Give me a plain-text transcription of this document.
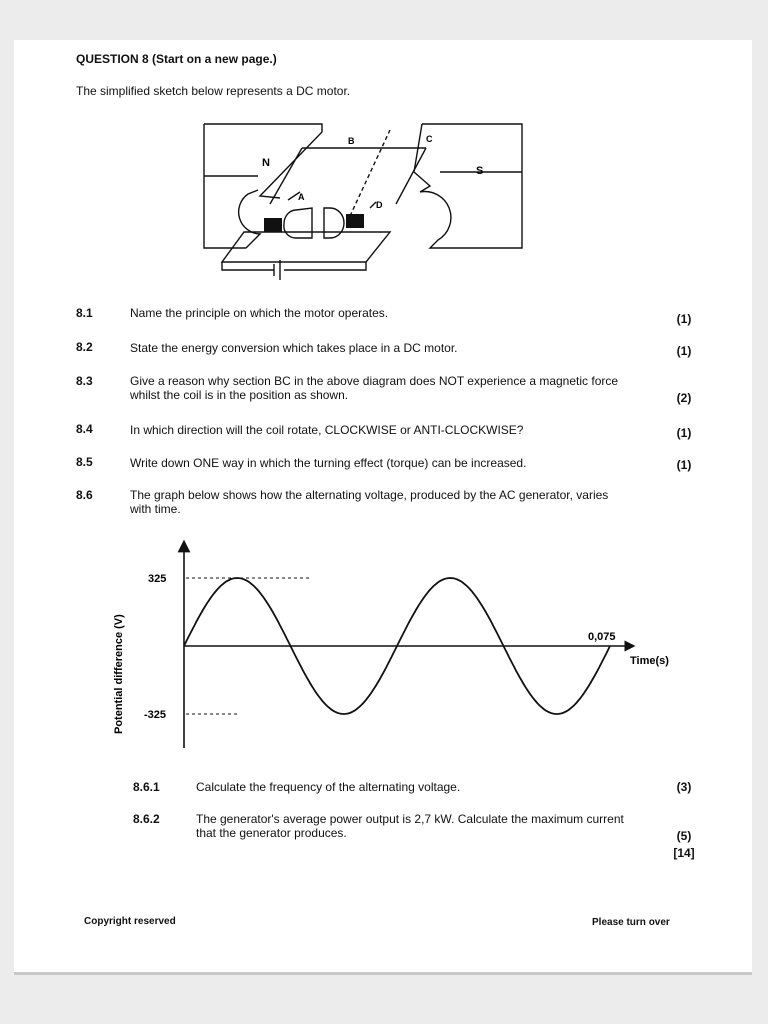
QUESTION 8 (Start on a new page.)
The simplified sketch below represents a DC motor.
N
S
A
B	C
D
8.1	Name the principle on which the motor operates.	(1)
8.2	State the energy conversion which takes place in a DC motor.	(1)
8.3	Give a reason why section BC in the above diagram does NOT experience a magnetic force whilst the coil is in the position as shown.	(2)
8.4	In which direction will the coil rotate, CLOCKWISE or ANTI-CLOCKWISE?	(1)
8.5	Write down ONE way in which the turning effect (torque) can be increased.	(1)
8.6	The graph below shows how the alternating voltage, produced by the AC generator, varies with time.
325
-325
0,075
Time(s)
Potential difference (V)
8.6.1	Calculate the frequency of the alternating voltage.	(3)
8.6.2	The generator's average power output is 2,7 kW. Calculate the maximum current that the generator produces.	(5)
[14]
Copyright reserved	Please turn over
